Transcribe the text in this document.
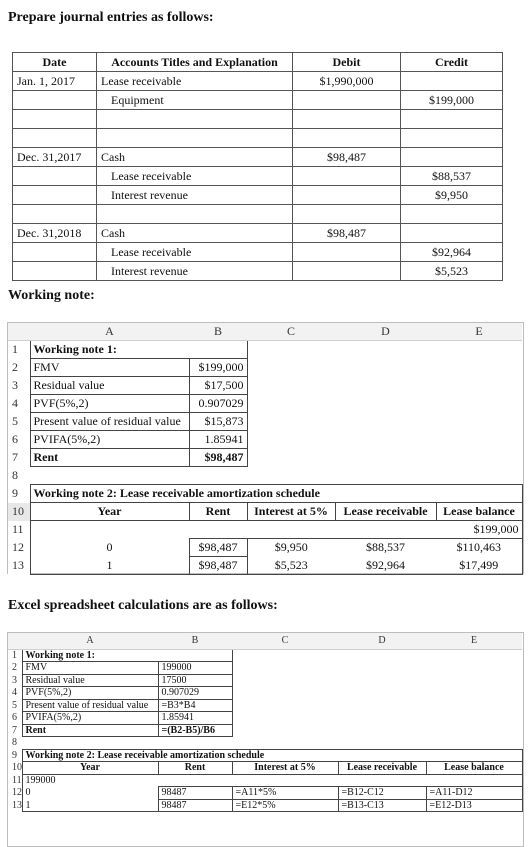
Prepare journal entries as follows:
Date	Accounts Titles and Explanation	Debit	Credit
Jan. 1, 2017	Lease receivable	$1,990,000	
	Equipment		$199,000

Dec. 31,2017	Cash	$98,487	
	Lease receivable		$88,537
	Interest revenue		$9,950

Dec. 31,2018	Cash	$98,487	
	Lease receivable		$92,964
	Interest revenue		$5,523
Working note:
	A	B	C	D	E
1	Working note 1:				
2	FMV	$199,000			
3	Residual value	$17,500			
4	PVF(5%,2)	0.907029			
5	Present value of residual value	$15,873			
6	PVIFA(5%,2)	1.85941			
7	Rent	$98,487			
8					
9	Working note 2: Lease receivable amortization schedule				
10	Year	Rent	Interest at 5%	Lease receivable	Lease balance
11					$199,000
12	0	$98,487	$9,950	$88,537	$110,463
13	1	$98,487	$5,523	$92,964	$17,499
Excel spreadsheet calculations are as follows:
	A	B	C	D	E
1	Working note 1:				
2	FMV	199000			
3	Residual value	17500			
4	PVF(5%,2)	0.907029			
5	Present value of residual value	=B3*B4			
6	PVIFA(5%,2)	1.85941			
7	Rent	=(B2-B5)/B6			
8					
9	Working note 2: Lease receivable amortization schedule				
10	Year	Rent	Interest at 5%	Lease receivable	Lease balance
11	199000				
12	0	98487	=A11*5%	=B12-C12	=A11-D12
13	1	98487	=E12*5%	=B13-C13	=E12-D13
